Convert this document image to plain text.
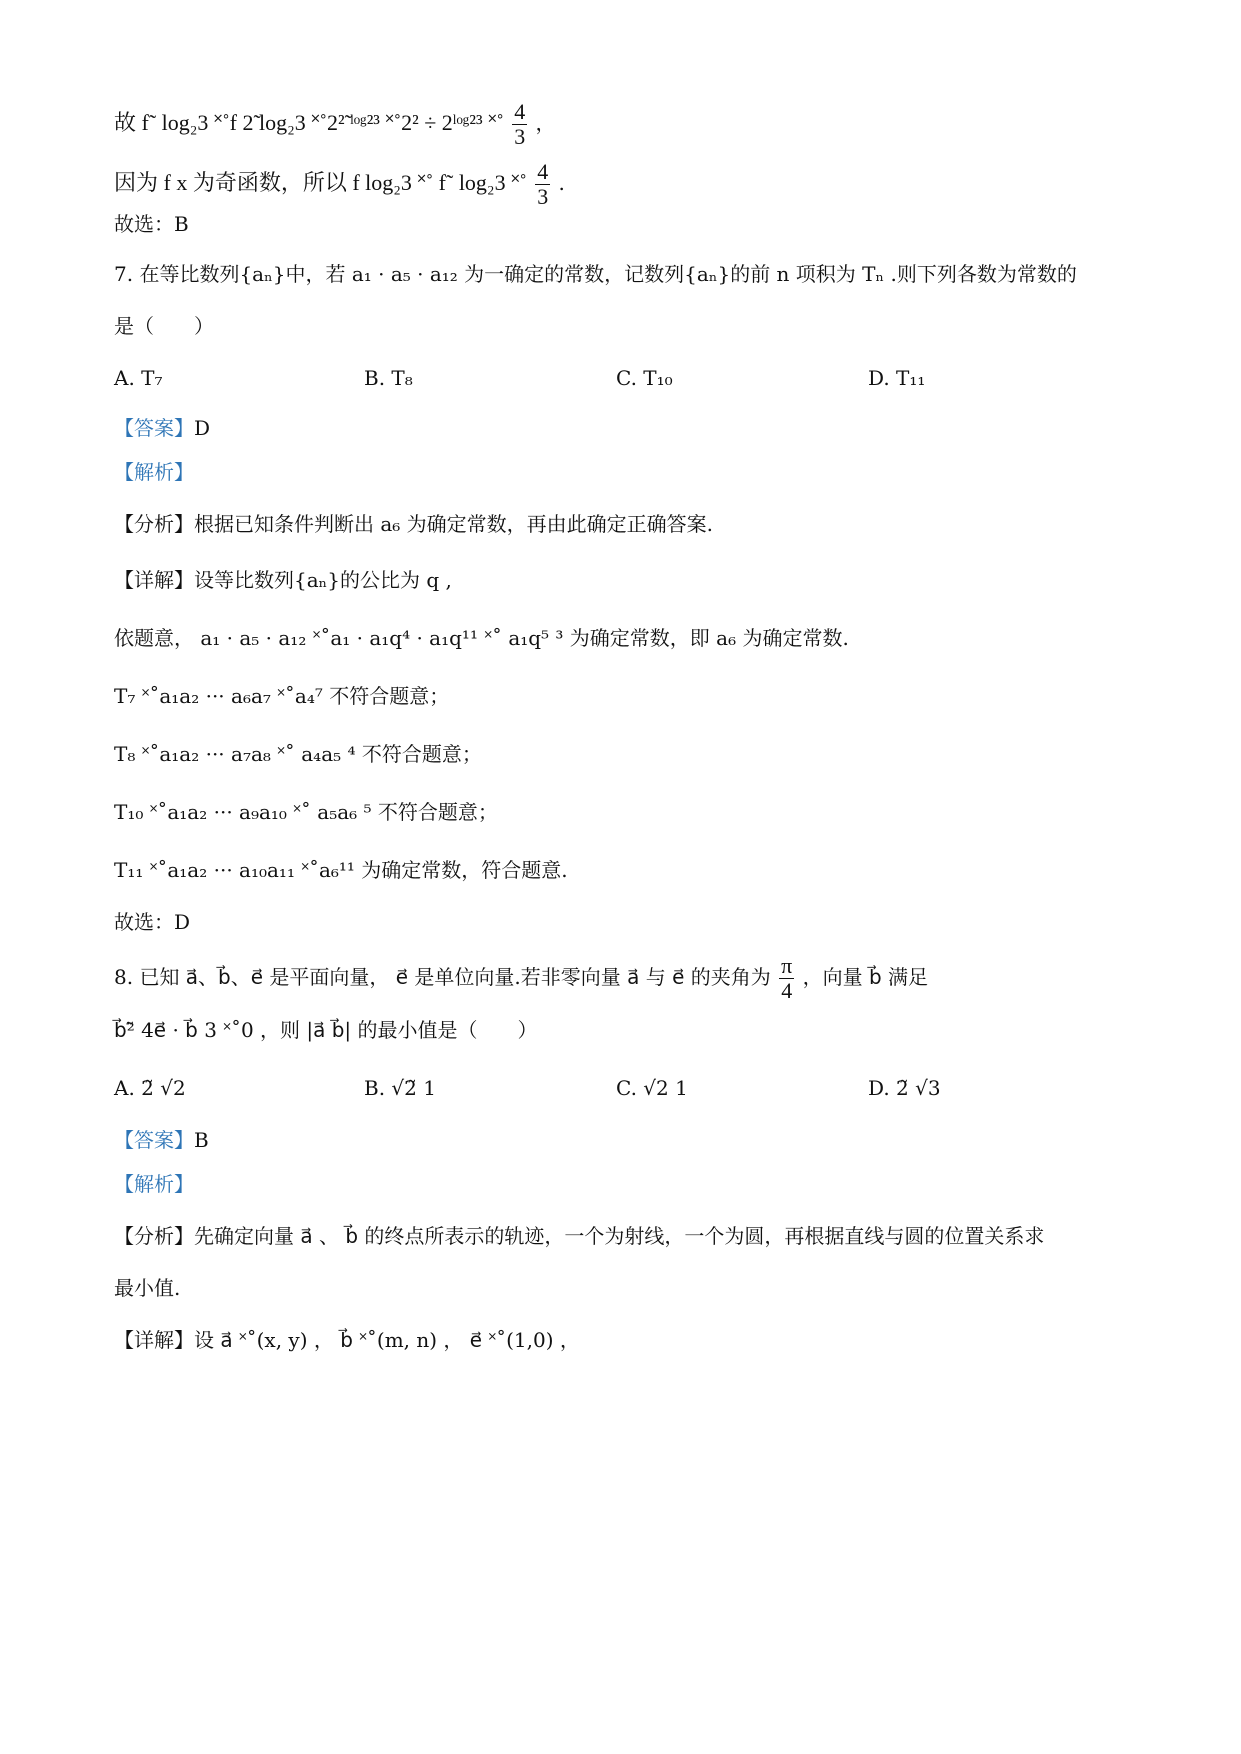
故 f˜ log₂3 ˟˚f 2̃ log₂3 ˟˚2²̃ ˡᵒᵍ²³ ˟˚2² ÷ 2ˡᵒᵍ²³ ˟˚ $\frac{4}{3}$ ，
因为 f x 为奇函数，所以 f log₂3 ˟˚ f˜ log₂3 ˟˚ $\frac{4}{3}$ .
故选：B
7. 在等比数列{aₙ}中，若 a₁ · a₅ · a₁₂ 为一确定的常数，记数列{aₙ}的前 n 项积为 Tₙ .则下列各数为常数的
是（　　）
A. T₇	B. T₈	C. T₁₀	D. T₁₁
【答案】D
【解析】
【分析】根据已知条件判断出 a₆ 为确定常数，再由此确定正确答案.
【详解】设等比数列{aₙ}的公比为 q ,
依题意， a₁ · a₅ · a₁₂ ˟˚a₁ · a₁q⁴ · a₁q¹¹ ˟˚ a₁q⁵ ³ 为确定常数，即 a₆ 为确定常数.
T₇ ˟˚a₁a₂ ··· a₆a₇ ˟˚a₄⁷ 不符合题意；
T₈ ˟˚a₁a₂ ··· a₇a₈ ˟˚ a₄a₅ ⁴ 不符合题意；
T₁₀ ˟˚a₁a₂ ··· a₉a₁₀ ˟˚ a₅a₆ ⁵ 不符合题意；
T₁₁ ˟˚a₁a₂ ··· a₁₀a₁₁ ˟˚a₆¹¹ 为确定常数，符合题意.
故选：D
8. 已知 a⃗、b⃗、e⃗ 是平面向量， e⃗ 是单位向量.若非零向量 a⃗ 与 e⃗ 的夹角为 $\frac{\pi}{4}$ ，向量 b⃗ 满足
b⃗²̃ 4e⃗ · b⃗ 3 ˟˚0 ，则 |a⃗ b⃗| 的最小值是（　　）
A. 2̃ √2	B. √2̃ 1	C. √2 1	D. 2̃ √3
【答案】B
【解析】
【分析】先确定向量 a⃗ 、 b⃗ 的终点所表示的轨迹，一个为射线，一个为圆，再根据直线与圆的位置关系求
最小值.
【详解】设 a⃗ ˟˚(x, y) ， b⃗ ˟˚(m, n) ， e⃗ ˟˚(1,0) ，
